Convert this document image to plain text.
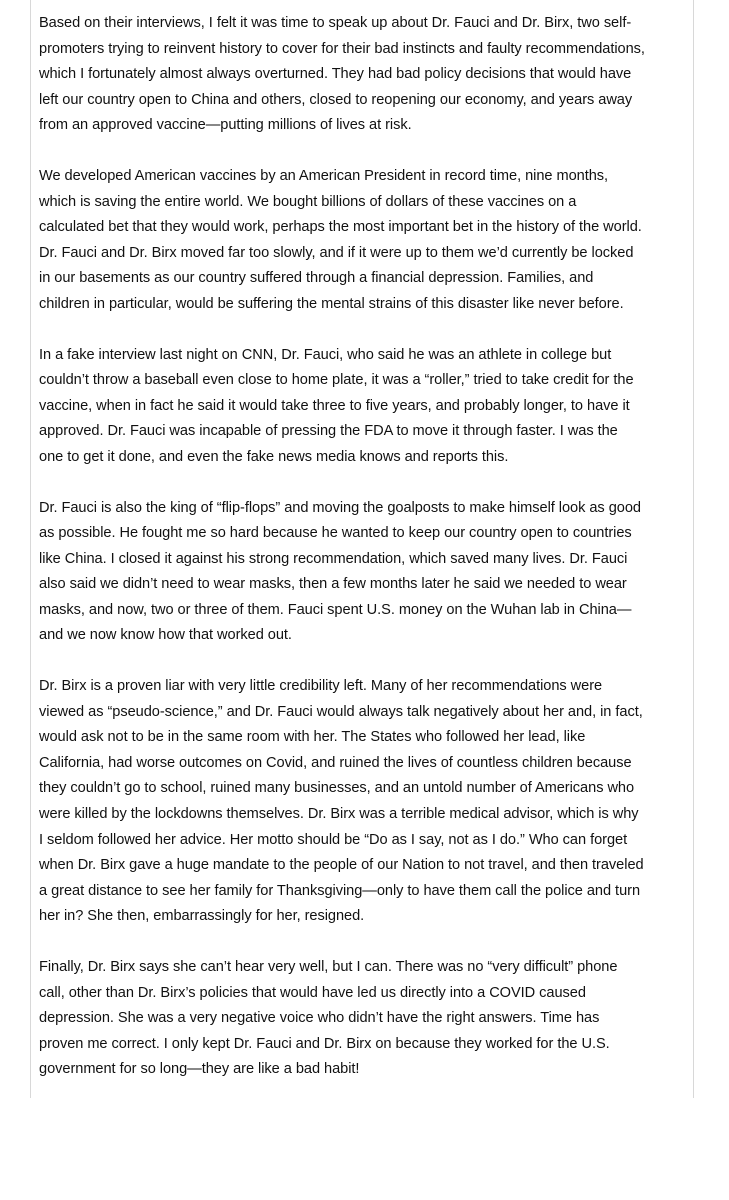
Based on their interviews, I felt it was time to speak up about Dr. Fauci and Dr. Birx, two self-
promoters trying to reinvent history to cover for their bad instincts and faulty recommendations,
which I fortunately almost always overturned. They had bad policy decisions that would have
left our country open to China and others, closed to reopening our economy, and years away
from an approved vaccine—putting millions of lives at risk.

We developed American vaccines by an American President in record time, nine months,
which is saving the entire world. We bought billions of dollars of these vaccines on a
calculated bet that they would work, perhaps the most important bet in the history of the world.
Dr. Fauci and Dr. Birx moved far too slowly, and if it were up to them we’d currently be locked
in our basements as our country suffered through a financial depression. Families, and
children in particular, would be suffering the mental strains of this disaster like never before.

In a fake interview last night on CNN, Dr. Fauci, who said he was an athlete in college but
couldn’t throw a baseball even close to home plate, it was a “roller,” tried to take credit for the
vaccine, when in fact he said it would take three to five years, and probably longer, to have it
approved. Dr. Fauci was incapable of pressing the FDA to move it through faster. I was the
one to get it done, and even the fake news media knows and reports this.

Dr. Fauci is also the king of “flip-flops” and moving the goalposts to make himself look as good
as possible. He fought me so hard because he wanted to keep our country open to countries
like China. I closed it against his strong recommendation, which saved many lives. Dr. Fauci
also said we didn’t need to wear masks, then a few months later he said we needed to wear
masks, and now, two or three of them. Fauci spent U.S. money on the Wuhan lab in China—
and we now know how that worked out.

Dr. Birx is a proven liar with very little credibility left. Many of her recommendations were
viewed as “pseudo-science,” and Dr. Fauci would always talk negatively about her and, in fact,
would ask not to be in the same room with her. The States who followed her lead, like
California, had worse outcomes on Covid, and ruined the lives of countless children because
they couldn’t go to school, ruined many businesses, and an untold number of Americans who
were killed by the lockdowns themselves. Dr. Birx was a terrible medical advisor, which is why
I seldom followed her advice. Her motto should be “Do as I say, not as I do.” Who can forget
when Dr. Birx gave a huge mandate to the people of our Nation to not travel, and then traveled
a great distance to see her family for Thanksgiving—only to have them call the police and turn
her in? She then, embarrassingly for her, resigned.

Finally, Dr. Birx says she can’t hear very well, but I can. There was no “very difficult” phone
call, other than Dr. Birx’s policies that would have led us directly into a COVID caused
depression. She was a very negative voice who didn’t have the right answers. Time has
proven me correct. I only kept Dr. Fauci and Dr. Birx on because they worked for the U.S.
government for so long—they are like a bad habit!
